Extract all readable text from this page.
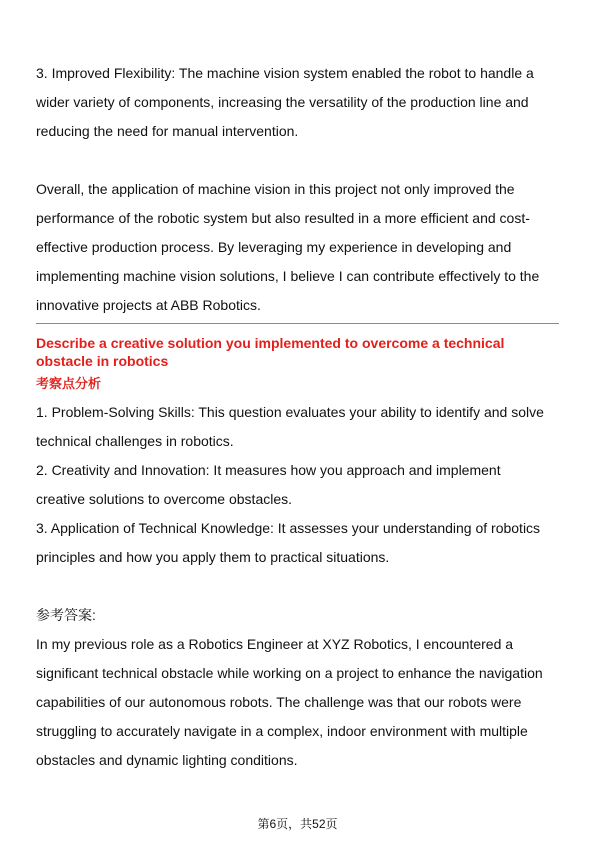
3. Improved Flexibility: The machine vision system enabled the robot to handle a

wider variety of components, increasing the versatility of the production line and

reducing the need for manual intervention.

Overall, the application of machine vision in this project not only improved the

performance of the robotic system but also resulted in a more efficient and cost-

effective production process. By leveraging my experience in developing and

implementing machine vision solutions, I believe I can contribute effectively to the

innovative projects at ABB Robotics.

Describe a creative solution you implemented to overcome a technical

obstacle in robotics

考察点分析

1. Problem-Solving Skills: This question evaluates your ability to identify and solve

technical challenges in robotics.

2. Creativity and Innovation: It measures how you approach and implement

creative solutions to overcome obstacles.

3. Application of Technical Knowledge: It assesses your understanding of robotics

principles and how you apply them to practical situations.

参考答案:

In my previous role as a Robotics Engineer at XYZ Robotics, I encountered a

significant technical obstacle while working on a project to enhance the navigation

capabilities of our autonomous robots. The challenge was that our robots were

struggling to accurately navigate in a complex, indoor environment with multiple

obstacles and dynamic lighting conditions.

第6页，共52页
